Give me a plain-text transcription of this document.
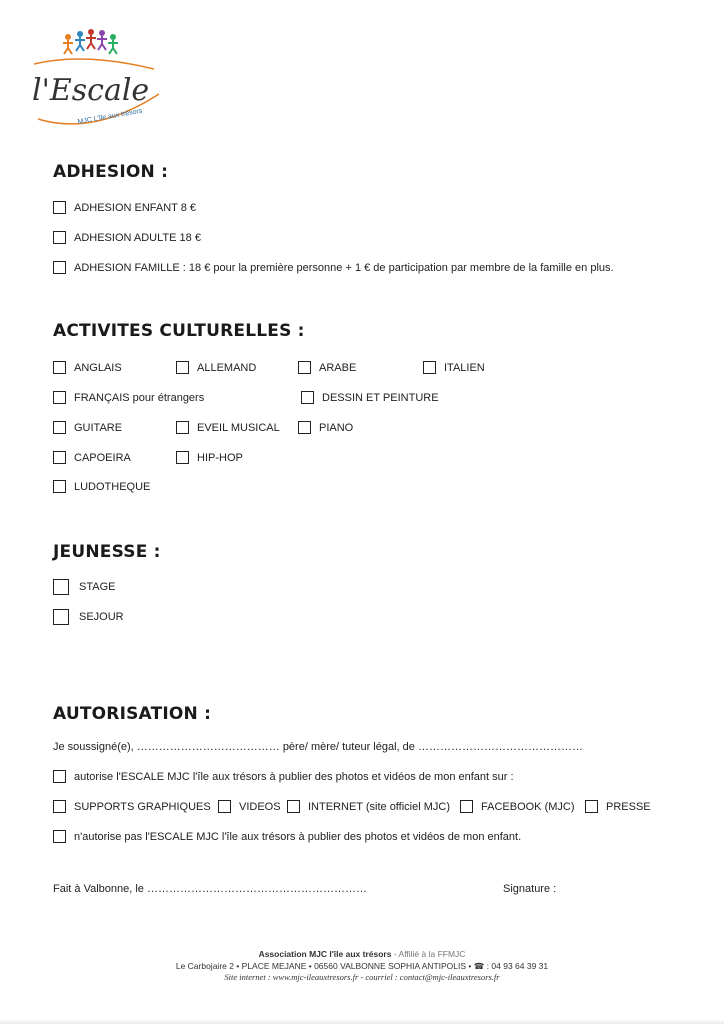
l'Escale
MJC L'île aux trésors
ADHESION :
ADHESION ENFANT 8 €
ADHESION ADULTE 18 €
ADHESION FAMILLE : 18 € pour la première personne + 1 € de participation par membre de la famille en plus.
ACTIVITES CULTURELLES :
ANGLAIS	ALLEMAND	ARABE	ITALIEN
FRANÇAIS pour étrangers	DESSIN ET PEINTURE
GUITARE	EVEIL MUSICAL	PIANO
CAPOEIRA	HIP-HOP
LUDOTHEQUE
JEUNESSE :
STAGE
SEJOUR
AUTORISATION :
Je soussigné(e), ………………………………… père/ mère/ tuteur légal, de ………………………………………
autorise l'ESCALE MJC l'île aux trésors à publier des photos et vidéos de mon enfant sur :
SUPPORTS GRAPHIQUES	VIDEOS INTERNET (site officiel MJC)	FACEBOOK (MJC)	PRESSE
n'autorise pas l'ESCALE MJC l'île aux trésors à publier des photos et vidéos de mon enfant.
Fait à Valbonne, le ……………………………………………………	Signature :
Association MJC l'île aux trésors - Affilié à la FFMJC
Le Carbojaire 2 • PLACE MEJANE • 06560 VALBONNE SOPHIA ANTIPOLIS • ☎ : 04 93 64 39 31
Site internet : www.mjc-ileauxtresors.fr - courriel : contact@mjc-ileauxtresors.fr
